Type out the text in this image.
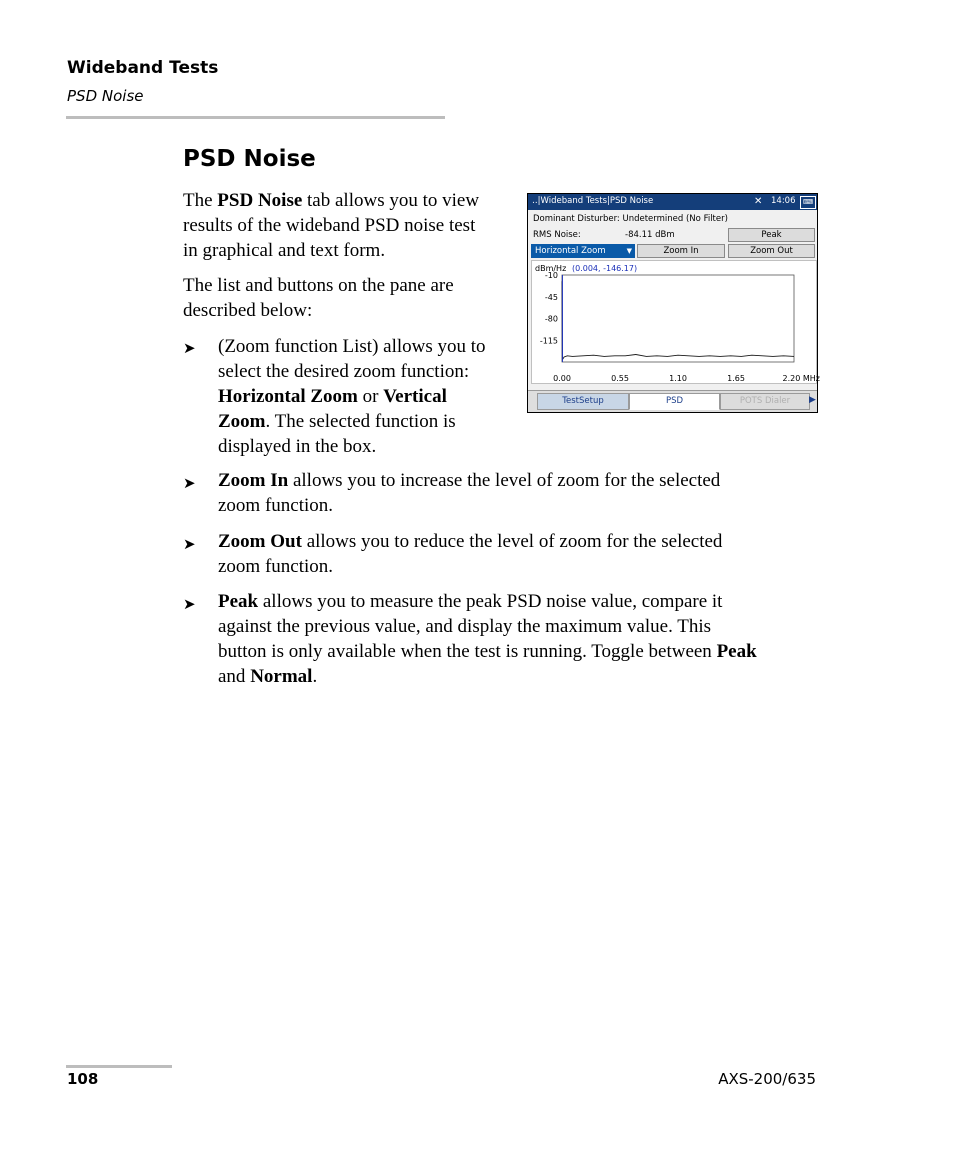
Wideband Tests
PSD Noise
PSD Noise

The PSD Noise tab allows you to view
results of the wideband PSD noise test
in graphical and text form.

The list and buttons on the pane are
described below:

➤ (Zoom function List) allows you to
select the desired zoom function:
Horizontal Zoom or Vertical
Zoom. The selected function is
displayed in the box.

➤ Zoom In allows you to increase the level of zoom for the selected
zoom function.

➤ Zoom Out allows you to reduce the level of zoom for the selected
zoom function.

➤ Peak allows you to measure the peak PSD noise value, compare it
against the previous value, and display the maximum value. This
button is only available when the test is running. Toggle between Peak
and Normal.

‥|Wideband Tests|PSD Noise	✕ 14:06	⌨
Dominant Disturber: Undetermined (No Filter)
RMS Noise:	-84.11 dBm	Peak
Horizontal Zoom	▼	Zoom In	Zoom Out
dBm/Hz (0.004, -146.17)
-10
-45
-80
-115
0.00	0.55	1.10	1.65	2.20 MHz
TestSetup	PSD	POTS Dialer	▶
108	AXS-200/635
